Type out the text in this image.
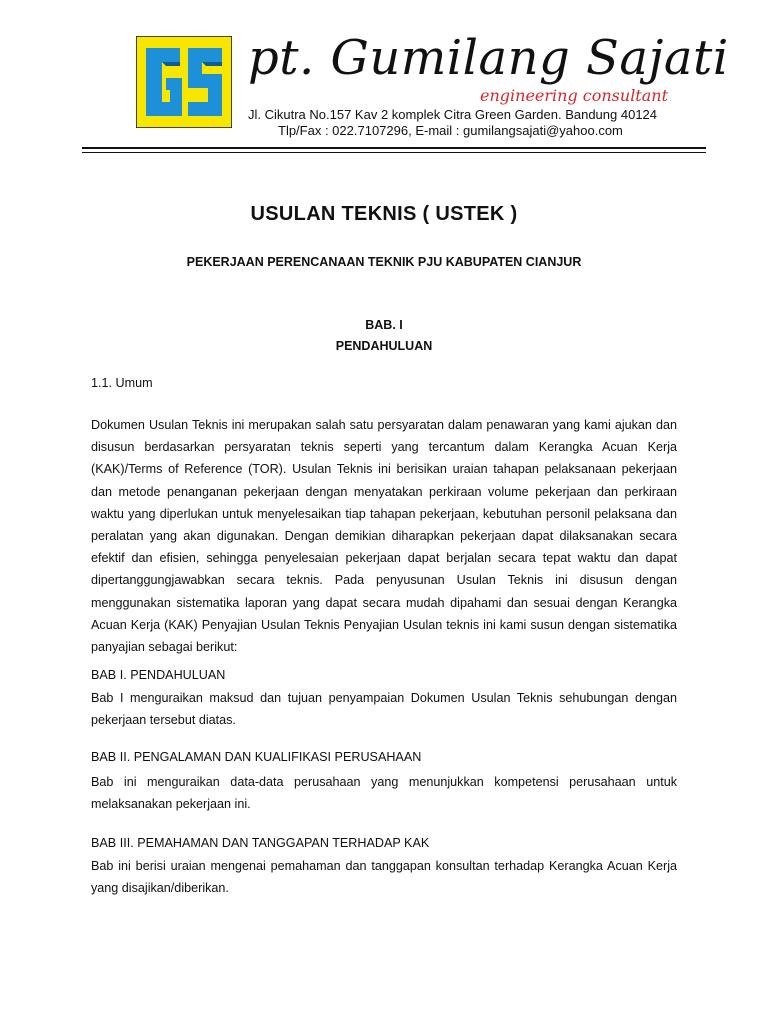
pt. Gumilang Sajati
engineering consultant
Jl. Cikutra No.157 Kav 2 komplek Citra Green Garden. Bandung 40124
Tlp/Fax : 022.7107296, E-mail : gumilangsajati@yahoo.com
USULAN TEKNIS ( USTEK )
PEKERJAAN PERENCANAAN TEKNIK PJU KABUPATEN CIANJUR
BAB. I
PENDAHULUAN
1.1. Umum
Dokumen Usulan Teknis ini merupakan salah satu persyaratan dalam penawaran yang kami ajukan dan disusun berdasarkan persyaratan teknis seperti yang tercantum dalam Kerangka Acuan Kerja (KAK)/Terms of Reference (TOR). Usulan Teknis ini berisikan uraian tahapan pelaksanaan pekerjaan dan metode penanganan pekerjaan dengan menyatakan perkiraan volume pekerjaan dan perkiraan waktu yang diperlukan untuk menyelesaikan tiap tahapan pekerjaan, kebutuhan personil pelaksana dan peralatan yang akan digunakan. Dengan demikian diharapkan pekerjaan dapat dilaksanakan secara efektif dan efisien, sehingga penyelesaian pekerjaan dapat berjalan secara tepat waktu dan dapat dipertanggungjawabkan secara teknis. Pada penyusunan Usulan Teknis ini disusun dengan menggunakan sistematika laporan yang dapat secara mudah dipahami dan sesuai dengan Kerangka Acuan Kerja (KAK) Penyajian Usulan Teknis Penyajian Usulan teknis ini kami susun dengan sistematika panyajian sebagai berikut:
BAB I. PENDAHULUAN
Bab I menguraikan maksud dan tujuan penyampaian Dokumen Usulan Teknis sehubungan dengan pekerjaan tersebut diatas.
BAB II. PENGALAMAN DAN KUALIFIKASI PERUSAHAAN
Bab ini menguraikan data-data perusahaan yang menunjukkan kompetensi perusahaan untuk melaksanakan pekerjaan ini.
BAB III. PEMAHAMAN DAN TANGGAPAN TERHADAP KAK
Bab ini berisi uraian mengenai pemahaman dan tanggapan konsultan terhadap Kerangka Acuan Kerja yang disajikan/diberikan.
